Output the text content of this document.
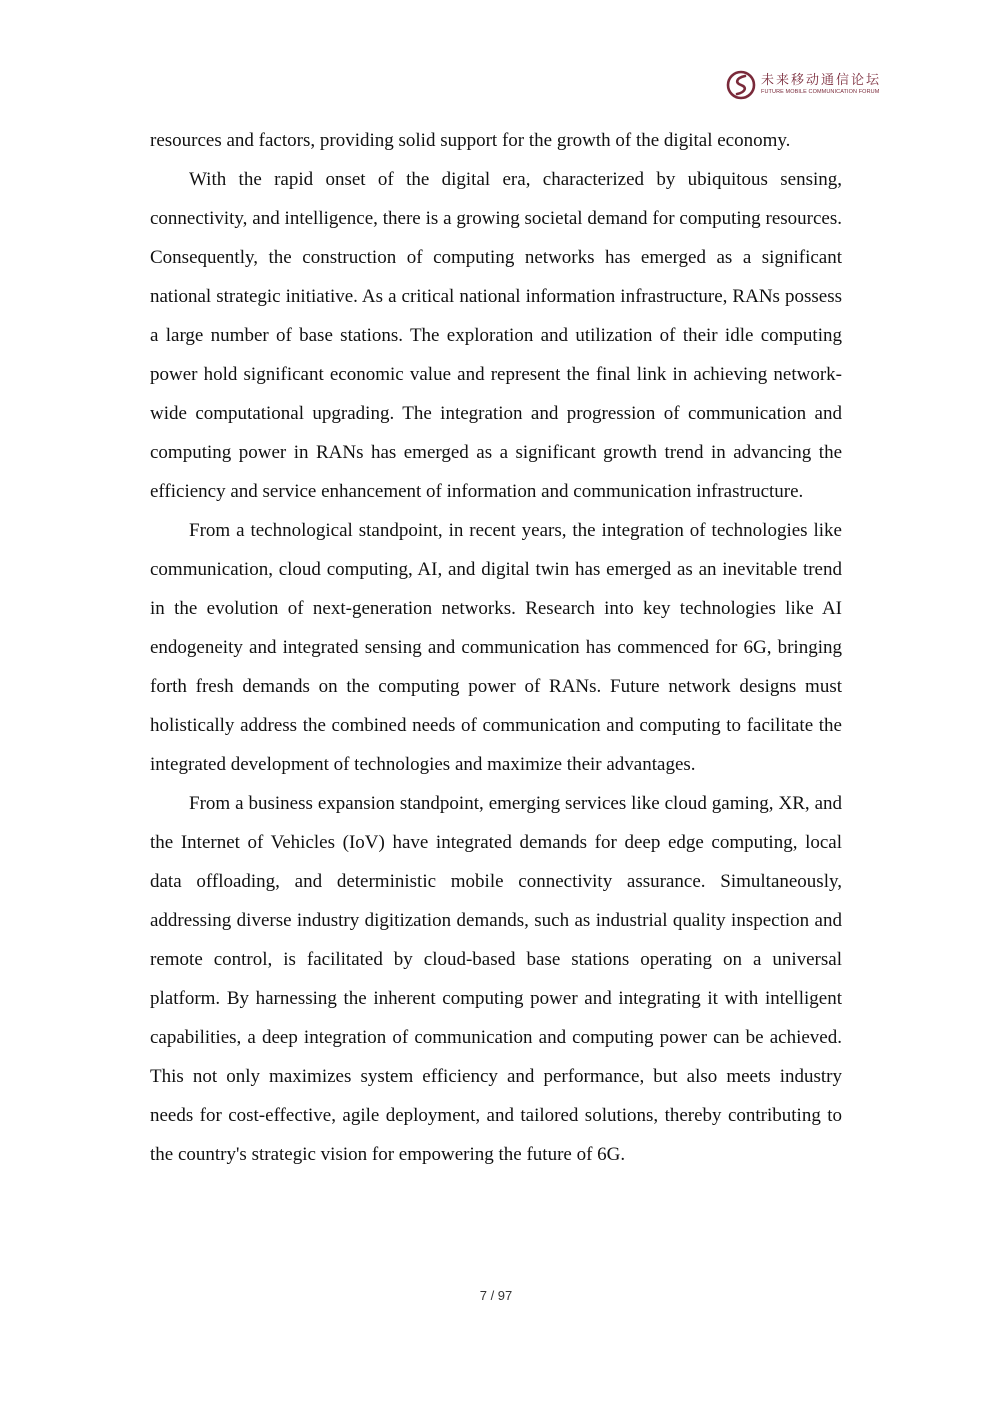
未来移动通信论坛
FUTURE MOBILE COMMUNICATION FORUM

resources and factors, providing solid support for the growth of the digital economy.

With the rapid onset of the digital era, characterized by ubiquitous sensing, connectivity, and intelligence, there is a growing societal demand for computing resources. Consequently, the construction of computing networks has emerged as a significant national strategic initiative. As a critical national information infrastructure, RANs possess a large number of base stations. The exploration and utilization of their idle computing power hold significant economic value and represent the final link in achieving network-wide computational upgrading. The integration and progression of communication and computing power in RANs has emerged as a significant growth trend in advancing the efficiency and service enhancement of information and communication infrastructure.

From a technological standpoint, in recent years, the integration of technologies like communication, cloud computing, AI, and digital twin has emerged as an inevitable trend in the evolution of next-generation networks. Research into key technologies like AI endogeneity and integrated sensing and communication has commenced for 6G, bringing forth fresh demands on the computing power of RANs. Future network designs must holistically address the combined needs of communication and computing to facilitate the integrated development of technologies and maximize their advantages.

From a business expansion standpoint, emerging services like cloud gaming, XR, and the Internet of Vehicles (IoV) have integrated demands for deep edge computing, local data offloading, and deterministic mobile connectivity assurance. Simultaneously, addressing diverse industry digitization demands, such as industrial quality inspection and remote control, is facilitated by cloud-based base stations operating on a universal platform. By harnessing the inherent computing power and integrating it with intelligent capabilities, a deep integration of communication and computing power can be achieved. This not only maximizes system efficiency and performance, but also meets industry needs for cost-effective, agile deployment, and tailored solutions, thereby contributing to the country's strategic vision for empowering the future of 6G.

7 / 97
